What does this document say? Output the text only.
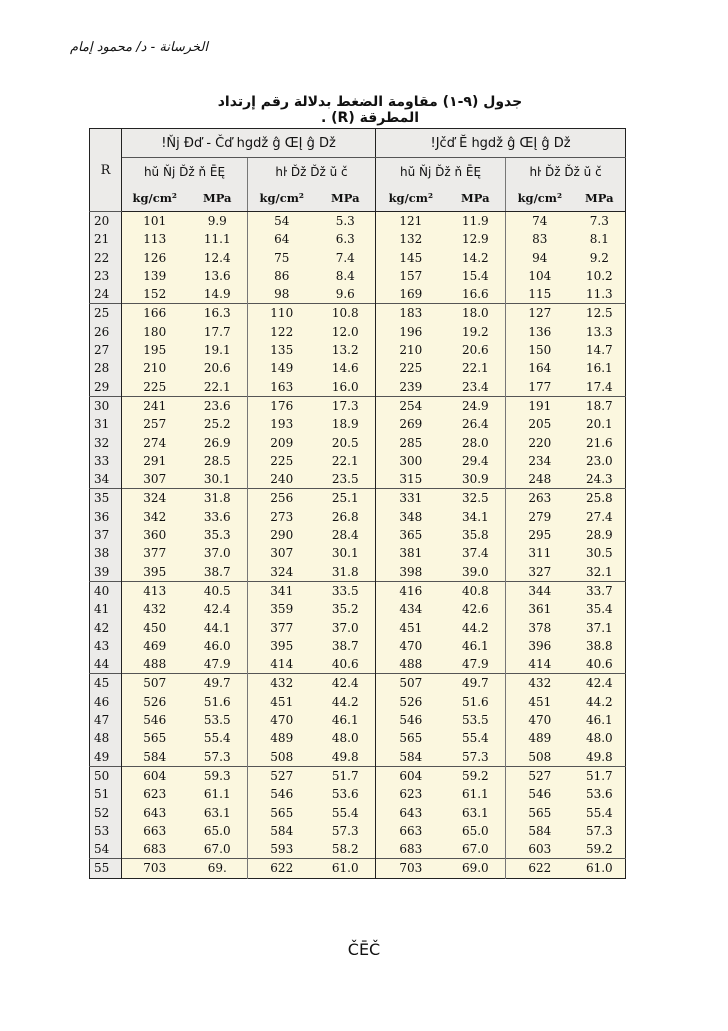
الخرسانة - د/ محمود إمام
جدول (٩-١) مقاومة الضغط بدلالة رقم إرتداد المطرقة (R) .
R	!Ňj Đď - Čď hgdž ĝ ŒĮ ĝ Dž				!Jčď Ĕ hgdž ĝ ŒĮ ĝ Dž			
	hŭ Ňj Ďž ň ĒĘ		hŀ Ďž Ďž ŭ č		hŭ Ňj Ďž ň ĒĘ		hŀ Ďž Ďž ŭ č	
	kg/cm²	MPa	kg/cm²	MPa	kg/cm²	MPa	kg/cm²	MPa
20	101	9.9	54	5.3	121	11.9	74	7.3
21	113	11.1	64	6.3	132	12.9	83	8.1
22	126	12.4	75	7.4	145	14.2	94	9.2
23	139	13.6	86	8.4	157	15.4	104	10.2
24	152	14.9	98	9.6	169	16.6	115	11.3
25	166	16.3	110	10.8	183	18.0	127	12.5
26	180	17.7	122	12.0	196	19.2	136	13.3
27	195	19.1	135	13.2	210	20.6	150	14.7
28	210	20.6	149	14.6	225	22.1	164	16.1
29	225	22.1	163	16.0	239	23.4	177	17.4
30	241	23.6	176	17.3	254	24.9	191	18.7
31	257	25.2	193	18.9	269	26.4	205	20.1
32	274	26.9	209	20.5	285	28.0	220	21.6
33	291	28.5	225	22.1	300	29.4	234	23.0
34	307	30.1	240	23.5	315	30.9	248	24.3
35	324	31.8	256	25.1	331	32.5	263	25.8
36	342	33.6	273	26.8	348	34.1	279	27.4
37	360	35.3	290	28.4	365	35.8	295	28.9
38	377	37.0	307	30.1	381	37.4	311	30.5
39	395	38.7	324	31.8	398	39.0	327	32.1
40	413	40.5	341	33.5	416	40.8	344	33.7
41	432	42.4	359	35.2	434	42.6	361	35.4
42	450	44.1	377	37.0	451	44.2	378	37.1
43	469	46.0	395	38.7	470	46.1	396	38.8
44	488	47.9	414	40.6	488	47.9	414	40.6
45	507	49.7	432	42.4	507	49.7	432	42.4
46	526	51.6	451	44.2	526	51.6	451	44.2
47	546	53.5	470	46.1	546	53.5	470	46.1
48	565	55.4	489	48.0	565	55.4	489	48.0
49	584	57.3	508	49.8	584	57.3	508	49.8
50	604	59.3	527	51.7	604	59.2	527	51.7
51	623	61.1	546	53.6	623	61.1	546	53.6
52	643	63.1	565	55.4	643	63.1	565	55.4
53	663	65.0	584	57.3	663	65.0	584	57.3
54	683	67.0	593	58.2	683	67.0	603	59.2
55	703	69.	622	61.0	703	69.0	622	61.0
ČĒČ
